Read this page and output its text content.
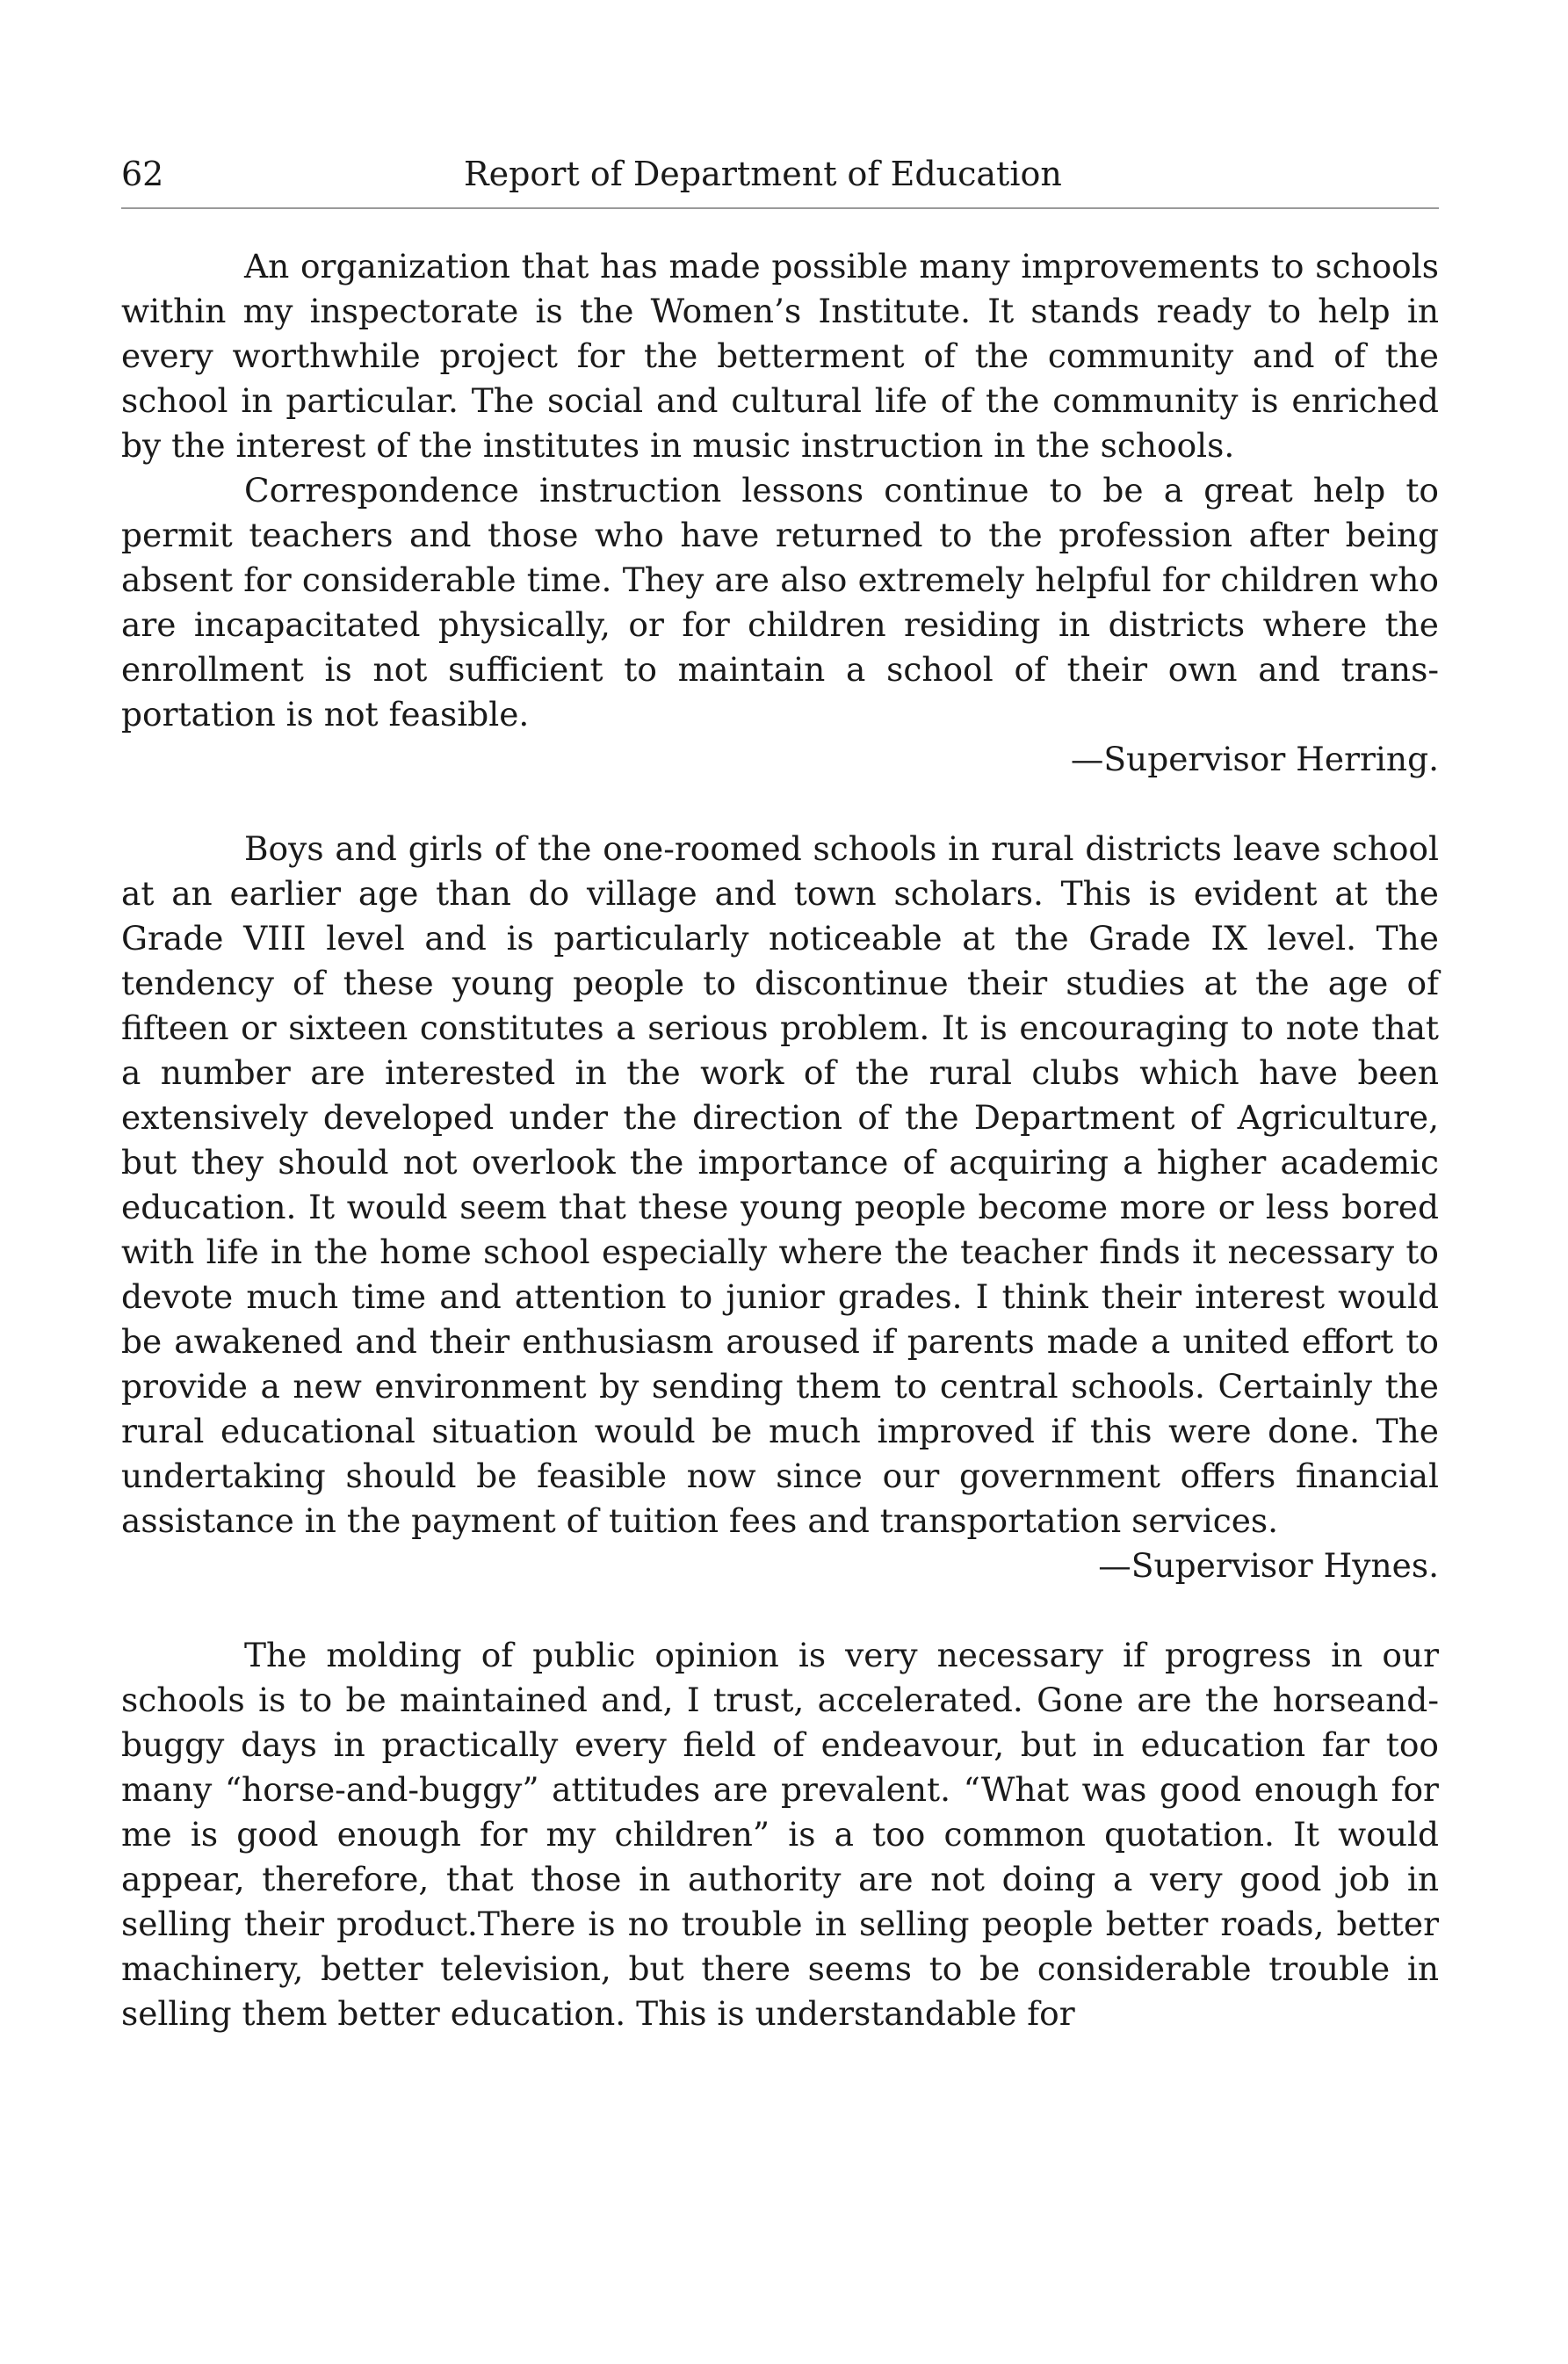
62	Report of Department of Education

An organization that has made possible many improvements to schools within my inspectorate is the Women’s Institute. It stands ready to help in every worthwhile project for the betterment of the community and of the school in particular. The social and cultural life of the community is enriched by the interest of the institutes in music instruction in the schools.

Correspondence instruction lessons continue to be a great help to permit teachers and those who have returned to the profession after being absent for considerable time. They are also extremely helpful for children who are incapacitated physically, or for children residing in districts where the enrollment is not sufficient to maintain a school of their own and transportation is not feasible.

—Supervisor Herring.

Boys and girls of the one-roomed schools in rural districts leave school at an earlier age than do village and town scholars. This is evident at the Grade VIII level and is particularly noticeable at the Grade IX level. The tendency of these young people to discontinue their studies at the age of fifteen or sixteen constitutes a serious problem. It is encouraging to note that a number are interested in the work of the rural clubs which have been extensively developed under the direction of the Department of Agriculture, but they should not overlook the importance of acquiring a higher academic education. It would seem that these young people become more or less bored with life in the home school especially where the teacher finds it necessary to devote much time and attention to junior grades. I think their interest would be awakened and their enthusiasm aroused if parents made a united effort to provide a new environment by sending them to central schools. Certainly the rural educational situation would be much improved if this were done. The undertaking should be feasible now since our government offers financial assistance in the payment of tuition fees and transportation services.

—Supervisor Hynes.

The molding of public opinion is very necessary if progress in our schools is to be maintained and, I trust, accelerated. Gone are the horseand-buggy days in practically every field of endeavour, but in education far too many “horse-and-buggy” attitudes are prevalent. “What was good enough for me is good enough for my children” is a too common quotation. It would appear, therefore, that those in authority are not doing a very good job in selling their product.There is no trouble in selling people better roads, better machinery, better television, but there seems to be considerable trouble in selling them better education. This is understandable for
